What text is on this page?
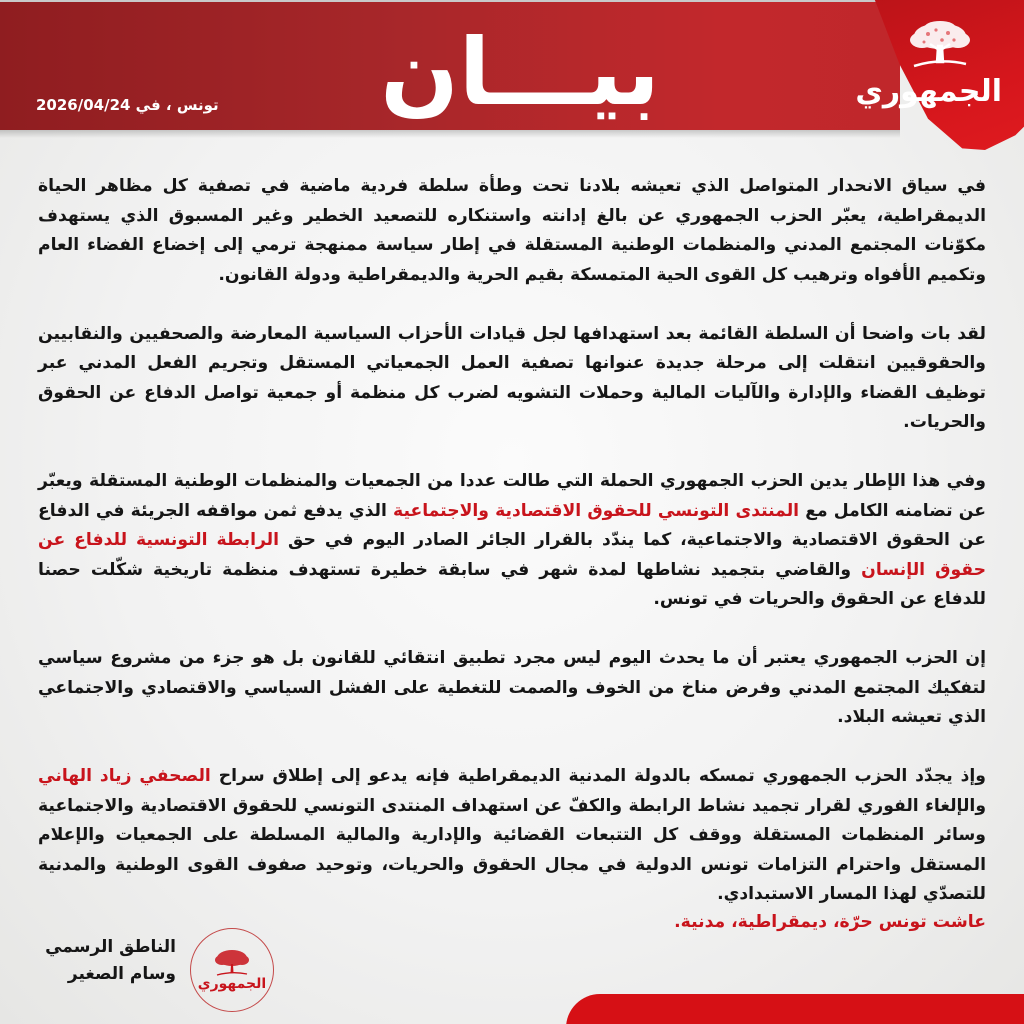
بيـــان
تونس ، في 2026/04/24	الجمهوري

في سياق الانحدار المتواصل الذي تعيشه بلادنا تحت وطأة سلطة فردية ماضية في تصفية كل مظاهر الحياة الديمقراطية، يعبّر الحزب الجمهوري عن بالغ إدانته واستنكاره للتصعيد الخطير وغير المسبوق الذي يستهدف مكوّنات المجتمع المدني والمنظمات الوطنية المستقلة في إطار سياسة ممنهجة ترمي إلى إخضاع الفضاء العام وتكميم الأفواه وترهيب كل القوى الحية المتمسكة بقيم الحرية والديمقراطية ودولة القانون.

لقد بات واضحا أن السلطة القائمة بعد استهدافها لجل قيادات الأحزاب السياسية المعارضة والصحفيين والنقابيين والحقوقيين انتقلت إلى مرحلة جديدة عنوانها تصفية العمل الجمعياتي المستقل وتجريم الفعل المدني عبر توظيف القضاء والإدارة والآليات المالية وحملات التشويه لضرب كل منظمة أو جمعية تواصل الدفاع عن الحقوق والحريات.

وفي هذا الإطار يدين الحزب الجمهوري الحملة التي طالت عددا من الجمعيات والمنظمات الوطنية المستقلة ويعبّر عن تضامنه الكامل مع المنتدى التونسي للحقوق الاقتصادية والاجتماعية الذي يدفع ثمن مواقفه الجريئة في الدفاع عن الحقوق الاقتصادية والاجتماعية، كما يندّد بالقرار الجائر الصادر اليوم في حق الرابطة التونسية للدفاع عن حقوق الإنسان والقاضي بتجميد نشاطها لمدة شهر في سابقة خطيرة تستهدف منظمة تاريخية شكّلت حصنا للدفاع عن الحقوق والحريات في تونس.

إن الحزب الجمهوري يعتبر أن ما يحدث اليوم ليس مجرد تطبيق انتقائي للقانون بل هو جزء من مشروع سياسي لتفكيك المجتمع المدني وفرض مناخ من الخوف والصمت للتغطية على الفشل السياسي والاقتصادي والاجتماعي الذي تعيشه البلاد.

وإذ يجدّد الحزب الجمهوري تمسكه بالدولة المدنية الديمقراطية فإنه يدعو إلى إطلاق سراح الصحفي زياد الهاني والإلغاء الفوري لقرار تجميد نشاط الرابطة والكفّ عن استهداف المنتدى التونسي للحقوق الاقتصادية والاجتماعية وسائر المنظمات المستقلة ووقف كل التتبعات القضائية والإدارية والمالية المسلطة على الجمعيات والإعلام المستقل واحترام التزامات تونس الدولية في مجال الحقوق والحريات، وتوحيد صفوف القوى الوطنية والمدنية للتصدّي لهذا المسار الاستبدادي.

عاشت تونس حرّة، ديمقراطية، مدنية.
الجمهوري
الناطق الرسمي
وسام الصغير
